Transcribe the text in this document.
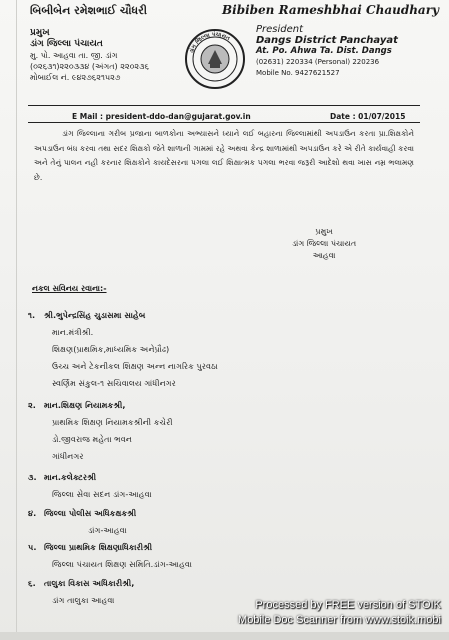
બિબીબેન રમેશભાઈ ચૌધરી	Bibiben Rameshbhai Chaudhary
પ્રમુખ
ડાંગ જિલ્લા પંચાયત
મુ. પો. આહવા તા. જી. ડાંગ
(૦૨૬૩૧)૨૨૦૩૩૪ (અંગત) ૨૨૦૨૩૬
મોબાઈલ નં. ૯૪૨૭૬૨૧૫૨૭
ડાંગ જિલ્લા પંચાયત
President
Dangs District Panchayat
At. Po. Ahwa Ta. Dist. Dangs
(02631) 220334 (Personal) 220236
Mobile No. 9427621527
E Mail : president-ddo-dan@gujarat.gov.in	Date : 01/07/2015

ડાંગ જિલ્લાના ગરીબ પ્રજાના બાળકોના અભ્યાસને ધ્યાને લઈ બહારના જિલ્લામાંથી અપડાઉન કરતા પ્રા.શિક્ષકોને અપડાઉન બંધ કરવા તથા સદર શિક્ષકો જેતે શાળાની ગામમાં રહે અથવા કેન્દ્ર શાળામાંથી અપડાઉન કરે એ રીતે કાર્યવાહી કરવા અને તેનું પાલન નહી કરનાર શિક્ષકોને કાયદેસરના પગલા લઈ શિક્ષાત્મક પગલા ભરવા જરૂરી આદેશો થવા ખાસ નમ્ર ભલામણ છે.

પ્રમુખ
ડાંગ જિલ્લા પંચાયત
આહવા
નકલ સવિનય રવાના:-
૧. શ્રી.ભુપેન્દ્રસિંહ ચુડાસમા સાહેબ
માન.મંત્રીશ્રી.
શિક્ષણ(પ્રાથમિક,માધ્યમિક અનેપ્રૌઢ)
ઉચ્ચ અને ટેકનીકલ શિક્ષણ અન્ન નાગરિક પુરવઠા
સ્વર્ણિમ સંકુલ-૧ સચિવાલય ગાંધીનગર
૨. માન.શિક્ષણ નિયામકશ્રી,
પ્રાથમિક શિક્ષણ નિયામકશ્રીની કચેરી
ડો.જીવરાજ મહેતા ભવન
ગાંધીનગર
૩. માન.કલેક્ટરશ્રી
જિલ્લા સેવા સદન ડાંગ-આહવા
૪. જિલ્લા પોલીસ અધિકક્ષકશ્રી
ડાંગ-આહવા
પ. જિલ્લા પ્રાથમિક શિક્ષણાધિકારીશ્રી
જિલ્લા પંચાયત શિક્ષણ સમિતિ.ડાંગ-આહવા
૬. તાલુકા વિકાસ અધિકારીશ્રી,
ડાંગ તાલુકા આહવા	Processed by FREE version of STOIK
Mobile Doc Scanner from www.stoik.mobi
